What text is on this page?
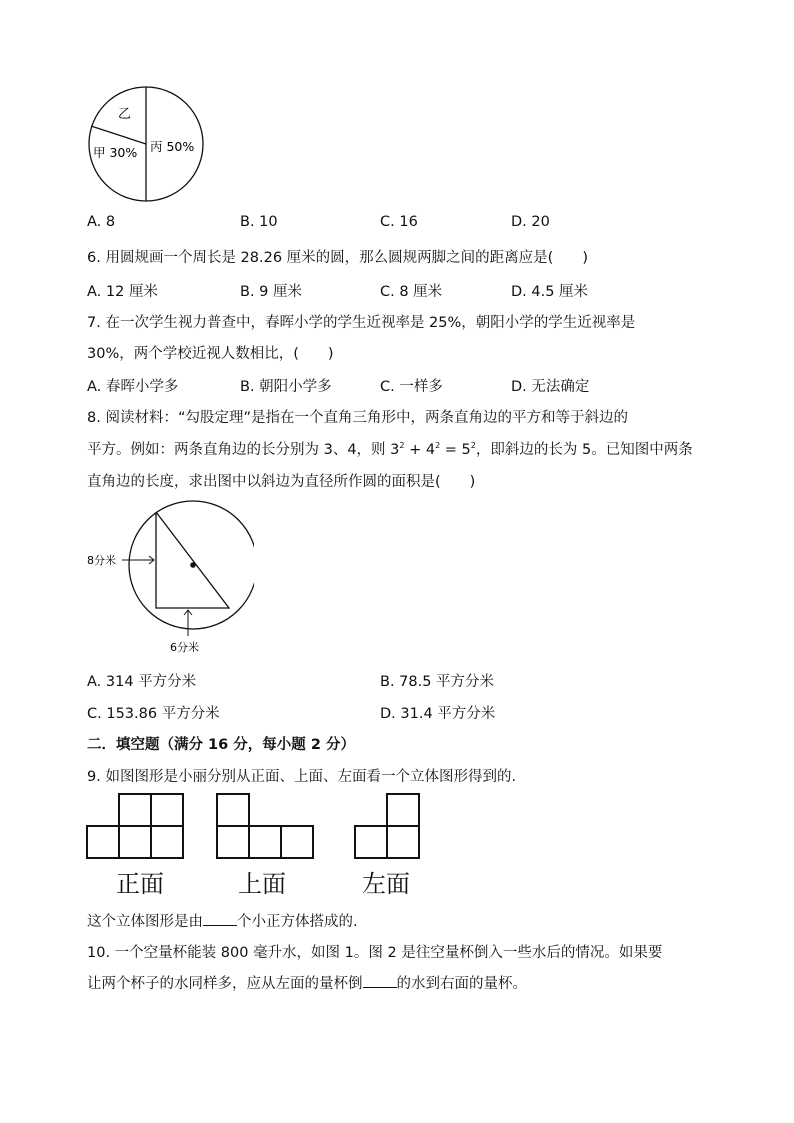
乙
甲 30% 丙 50%
A. 8	B. 10	C. 16	D. 20
6. 用圆规画一个周长是 28.26 厘米的圆，那么圆规两脚之间的距离应是(　　)
A. 12 厘米	B. 9 厘米	C. 8 厘米	D. 4.5 厘米
7. 在一次学生视力普查中，春晖小学的学生近视率是 25%，朝阳小学的学生近视率是
30%，两个学校近视人数相比，(　　)
A. 春晖小学多	B. 朝阳小学多	C. 一样多	D. 无法确定
8. 阅读材料：“勾股定理”是指在一个直角三角形中，两条直角边的平方和等于斜边的
平方。例如：两条直角边的长分别为 3、4，则 $3^2 + 4^2 = 5^2$，即斜边的长为 5。已知图中两条
直角边的长度，求出图中以斜边为直径所作圆的面积是(　　)
8分米
6分米
A. 314 平方分米	B. 78.5 平方分米
C. 153.86 平方分米	D. 31.4 平方分米
二．填空题（满分 16 分，每小题 2 分）
9. 如图图形是小丽分别从正面、上面、左面看一个立体图形得到的.
正面	上面	左面
这个立体图形是由 个小正方体搭成的.
10. 一个空量杯能装 800 毫升水，如图 1。图 2 是往空量杯倒入一些水后的情况。如果要
让两个杯子的水同样多，应从左面的量杯倒 的水到右面的量杯。
